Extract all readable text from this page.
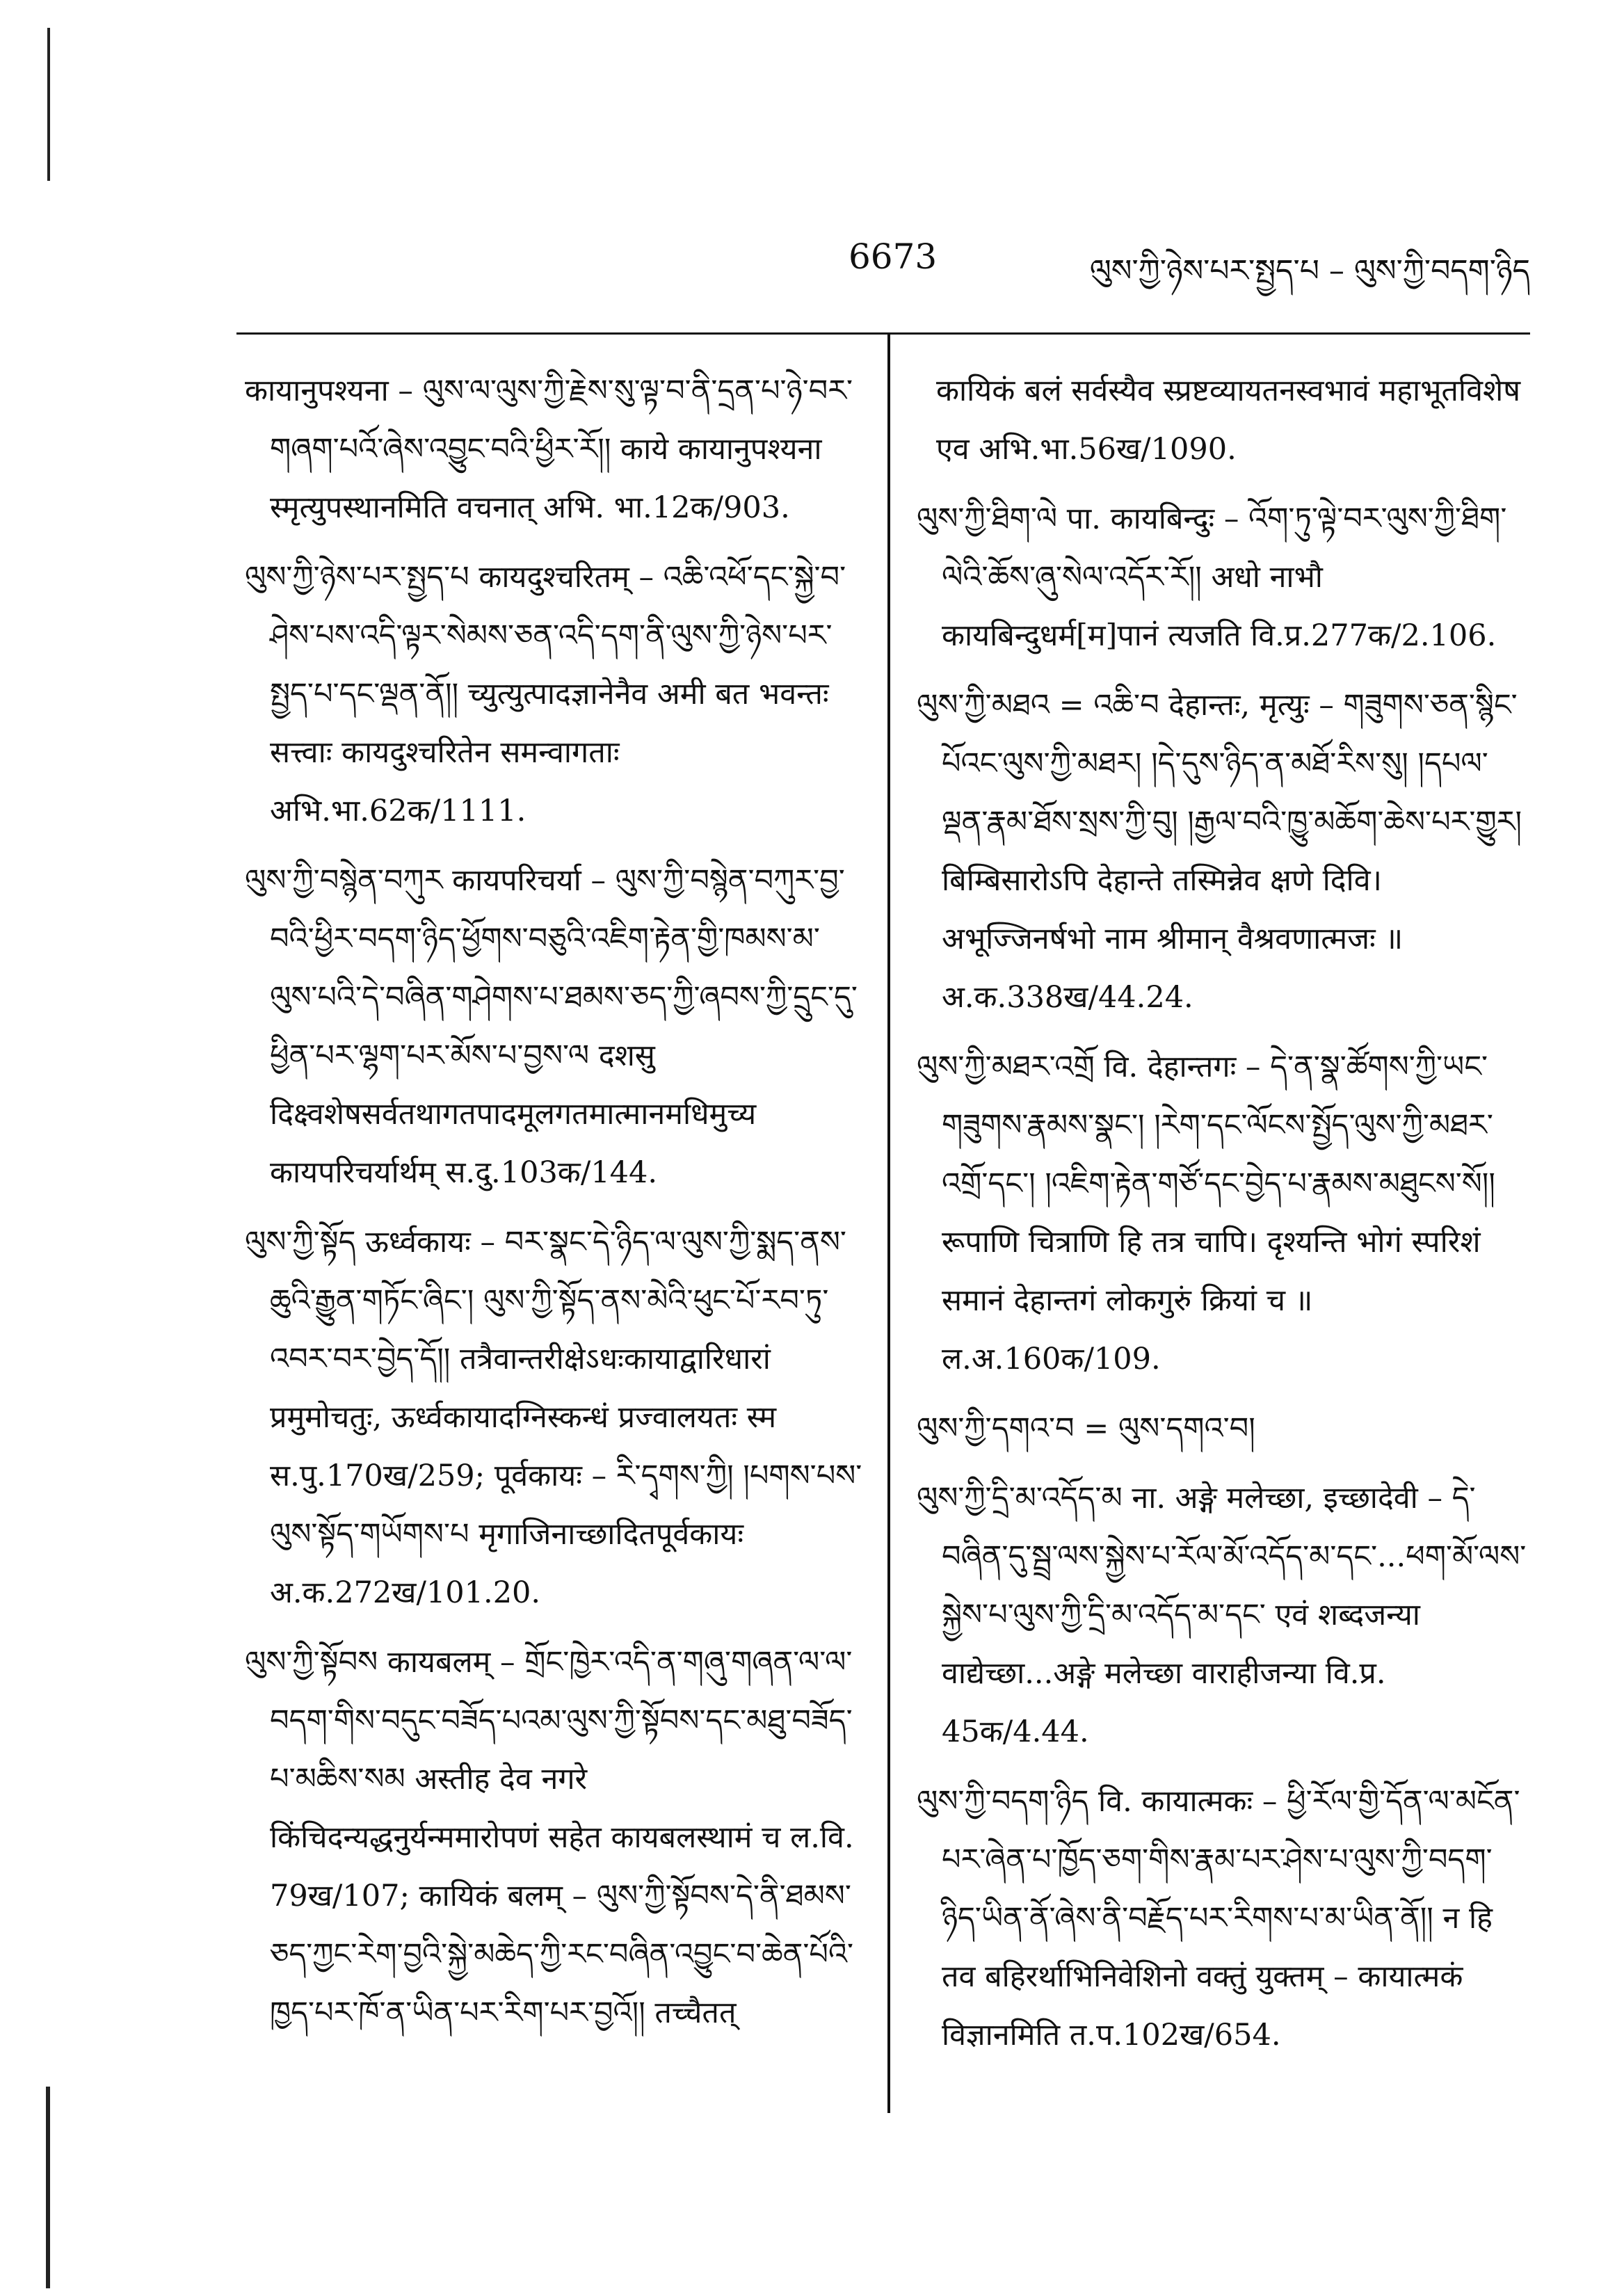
6673	ལུས་ཀྱི་ཉེས་པར་སྤྱད་པ – ལུས་ཀྱི་བདག་ཉིད

कायानुपश्यना – ལུས་ལ་ལུས་ཀྱི་རྗེས་སུ་ལྟ་བ་ནི་དྲན་པ་ཉེ་བར་གཞག་པའོ་ཞེས་འབྱུང་བའི་ཕྱིར་རོ།། काये कायानुपश्यना स्मृत्युपस्थानमिति वचनात् अभि. भा.12क/903.

ལུས་ཀྱི་ཉེས་པར་སྤྱད་པ कायदुश्चरितम् – འཆི་འཕོ་དང་སྐྱེ་བ་ཤེས་པས་འདི་ལྟར་སེམས་ཅན་འདི་དག་ནི་ལུས་ཀྱི་ཉེས་པར་སྤྱད་པ་དང་ལྡན་ནོ།། च्युत्युत्पादज्ञानेनैव अमी बत भवन्तः सत्त्वाः कायदुश्चरितेन समन्वागताः अभि.भा.62क/1111.

ལུས་ཀྱི་བསྙེན་བཀུར कायपरिचर्या – ལུས་ཀྱི་བསྙེན་བཀུར་བྱ་བའི་ཕྱིར་བདག་ཉིད་ཕྱོགས་བཅུའི་འཇིག་རྟེན་གྱི་ཁམས་མ་ལུས་པའི་དེ་བཞིན་གཤེགས་པ་ཐམས་ཅད་ཀྱི་ཞབས་ཀྱི་དྲུང་དུ་ཕྱིན་པར་ལྷག་པར་མོས་པ་བྱས་ལ दशसु दिक्ष्वशेषसर्वतथागतपादमूलगतमात्मानमधिमुच्य कायपरिचर्यार्थम् स.दु.103क/144.

ལུས་ཀྱི་སྟོད ऊर्ध्वकायः – བར་སྣང་དེ་ཉིད་ལ་ལུས་ཀྱི་སྨད་ནས་ཆུའི་རྒྱུན་གཏོང་ཞིང་། ལུས་ཀྱི་སྟོད་ནས་མེའི་ཕུང་པོ་རབ་ཏུ་འབར་བར་བྱེད་དོ།། तत्रैवान्तरीक्षेऽधःकायाद्वारिधारां प्रमुमोचतुः, ऊर्ध्वकायादग्निस्कन्धं प्रज्वालयतः स्म स.पु.170ख/259; पूर्वकायः – རི་དྭགས་ཀྱི། །པགས་པས་ལུས་སྟོད་གཡོགས་པ मृगाजिनाच्छादितपूर्वकायः अ.क.272ख/101.20.

ལུས་ཀྱི་སྟོབས कायबलम् – གྲོང་ཁྱེར་འདི་ན་གཞུ་གཞན་ལ་ལ་བདག་གིས་བདུང་བཟོད་པའམ་ལུས་ཀྱི་སྟོབས་དང་མཐུ་བཟོད་པ་མཆིས་སམ अस्तीह देव नगरे किंचिदन्यद्धनुर्यन्ममारोपणं सहेत कायबलस्थामं च ल.वि. 79ख/107; कायिकं बलम् – ལུས་ཀྱི་སྟོབས་དེ་ནི་ཐམས་ཅད་ཀྱང་རེག་བྱའི་སྐྱེ་མཆེད་ཀྱི་རང་བཞིན་འབྱུང་བ་ཆེན་པོའི་ཁྱད་པར་ཁོ་ན་ཡིན་པར་རིག་པར་བྱའོ།། तच्चैतत्

कायिकं बलं सर्वस्यैव स्प्रष्टव्यायतनस्वभावं महाभूतविशेष एव अभि.भा.56ख/1090.

ལུས་ཀྱི་ཐིག་ལེ पा. कायबिन्दुः – འོག་ཏུ་ལྟེ་བར་ལུས་ཀྱི་ཐིག་ལེའི་ཆོས་ཞུ་སེལ་འདོར་རོ།། अधो नाभौ कायबिन्दुधर्म[म]पानं त्यजति वि.प्र.277क/2.106.

ལུས་ཀྱི་མཐའ = འཆི་བ देहान्तः, मृत्युः – གཟུགས་ཅན་སྙིང་པོའང་ལུས་ཀྱི་མཐར། །དེ་དུས་ཉིད་ན་མཐོ་རིས་སུ། །དཔལ་ལྡན་རྣམ་ཐོས་སྲས་ཀྱི་བུ། །རྒྱལ་བའི་ཁྱུ་མཆོག་ཆེས་པར་གྱུར། बिम्बिसारोऽपि देहान्ते तस्मिन्नेव क्षणे दिवि। अभूज्जिनर्षभो नाम श्रीमान् वैश्रवणात्मजः ॥ अ.क.338ख/44.24.

ལུས་ཀྱི་མཐར་འགྲོ वि. देहान्तगः – དེ་ན་སྣ་ཚོགས་ཀྱི་ཡང་གཟུགས་རྣམས་སྣང་། །རེག་དང་ལོངས་སྤྱོད་ལུས་ཀྱི་མཐར་འགྲོ་དང་། །འཇིག་རྟེན་གཙོ་དང་བྱེད་པ་རྣམས་མཐུངས་སོ།། रूपाणि चित्राणि हि तत्र चापि। दृश्यन्ति भोगं स्परिशं समानं देहान्तगं लोकगुरुं क्रियां च ॥ ल.अ.160क/109.

ལུས་ཀྱི་དགའ་བ = ལུས་དགའ་བ།

ལུས་ཀྱི་དྲི་མ་འདོད་མ ना. अङ्गे मलेच्छा, इच्छादेवी – དེ་བཞིན་དུ་སྦྲ་ལས་སྐྱེས་པ་རོལ་མོ་འདོད་མ་དང་...ཕག་མོ་ལས་སྐྱེས་པ་ལུས་ཀྱི་དྲི་མ་འདོད་མ་དང་ एवं शब्दजन्या वाद्येच्छा...अङ्गे मलेच्छा वाराहीजन्या वि.प्र. 45क/4.44.

ལུས་ཀྱི་བདག་ཉིད वि. कायात्मकः – ཕྱི་རོལ་གྱི་དོན་ལ་མངོན་པར་ཞེན་པ་ཁྱོད་ཅག་གིས་རྣམ་པར་ཤེས་པ་ལུས་ཀྱི་བདག་ཉིད་ཡིན་ནོ་ཞེས་ནི་བརྗོད་པར་རིགས་པ་མ་ཡིན་ནོ།། न हि तव बहिरर्थाभिनिवेशिनो वक्तुं युक्तम् – कायात्मकं विज्ञानमिति त.प.102ख/654.
